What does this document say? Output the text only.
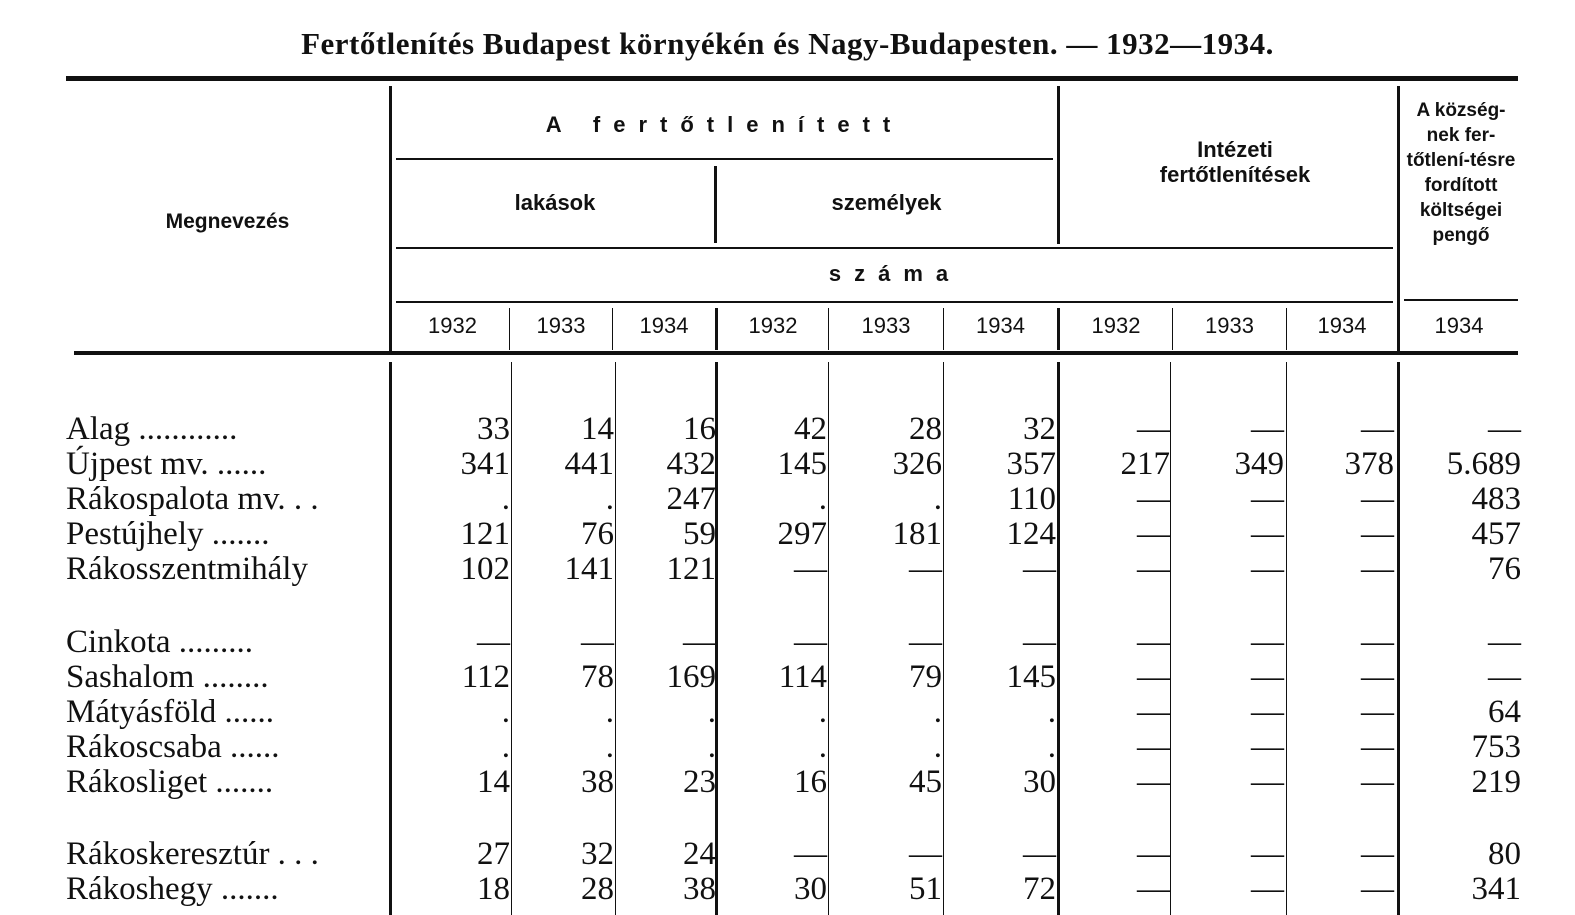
Fertőtlenítés Budapest környékén és Nagy-Budapesten. — 1932—1934.
Megnevezés
A fertőtlenített
lakások	személyek
Intézeti fertőtlenítések
száma
A község-nek fer-tőtlení-tésre fordított költségei pengő
1932	1933	1934	1932	1933	1934	1932	1933	1934	1934
Alag ............	33	14	16	42	28	32	—	—	—	—
Újpest mv. ......	341	441	432	145	326	357	217	349	378	5.689
Rákospalota mv. . .	.	.	247	.	.	110	—	—	—	483
Pestújhely .......	121	76	59	297	181	124	—	—	—	457
Rákosszentmihály	102	141	121	—	—	—	—	—	—	76
Cinkota .........	—	—	—	—	—	—	—	—	—	—
Sashalom ........	112	78	169	114	79	145	—	—	—	—
Mátyásföld ......	.	.	.	.	.	.	—	—	—	64
Rákoscsaba ......	.	.	.	.	.	.	—	—	—	753
Rákosliget .......	14	38	23	16	45	30	—	—	—	219
Rákoskeresztúr . . .	27	32	24	—	—	—	—	—	—	80
Rákoshegy .......	18	28	38	30	51	72	—	—	—	341
